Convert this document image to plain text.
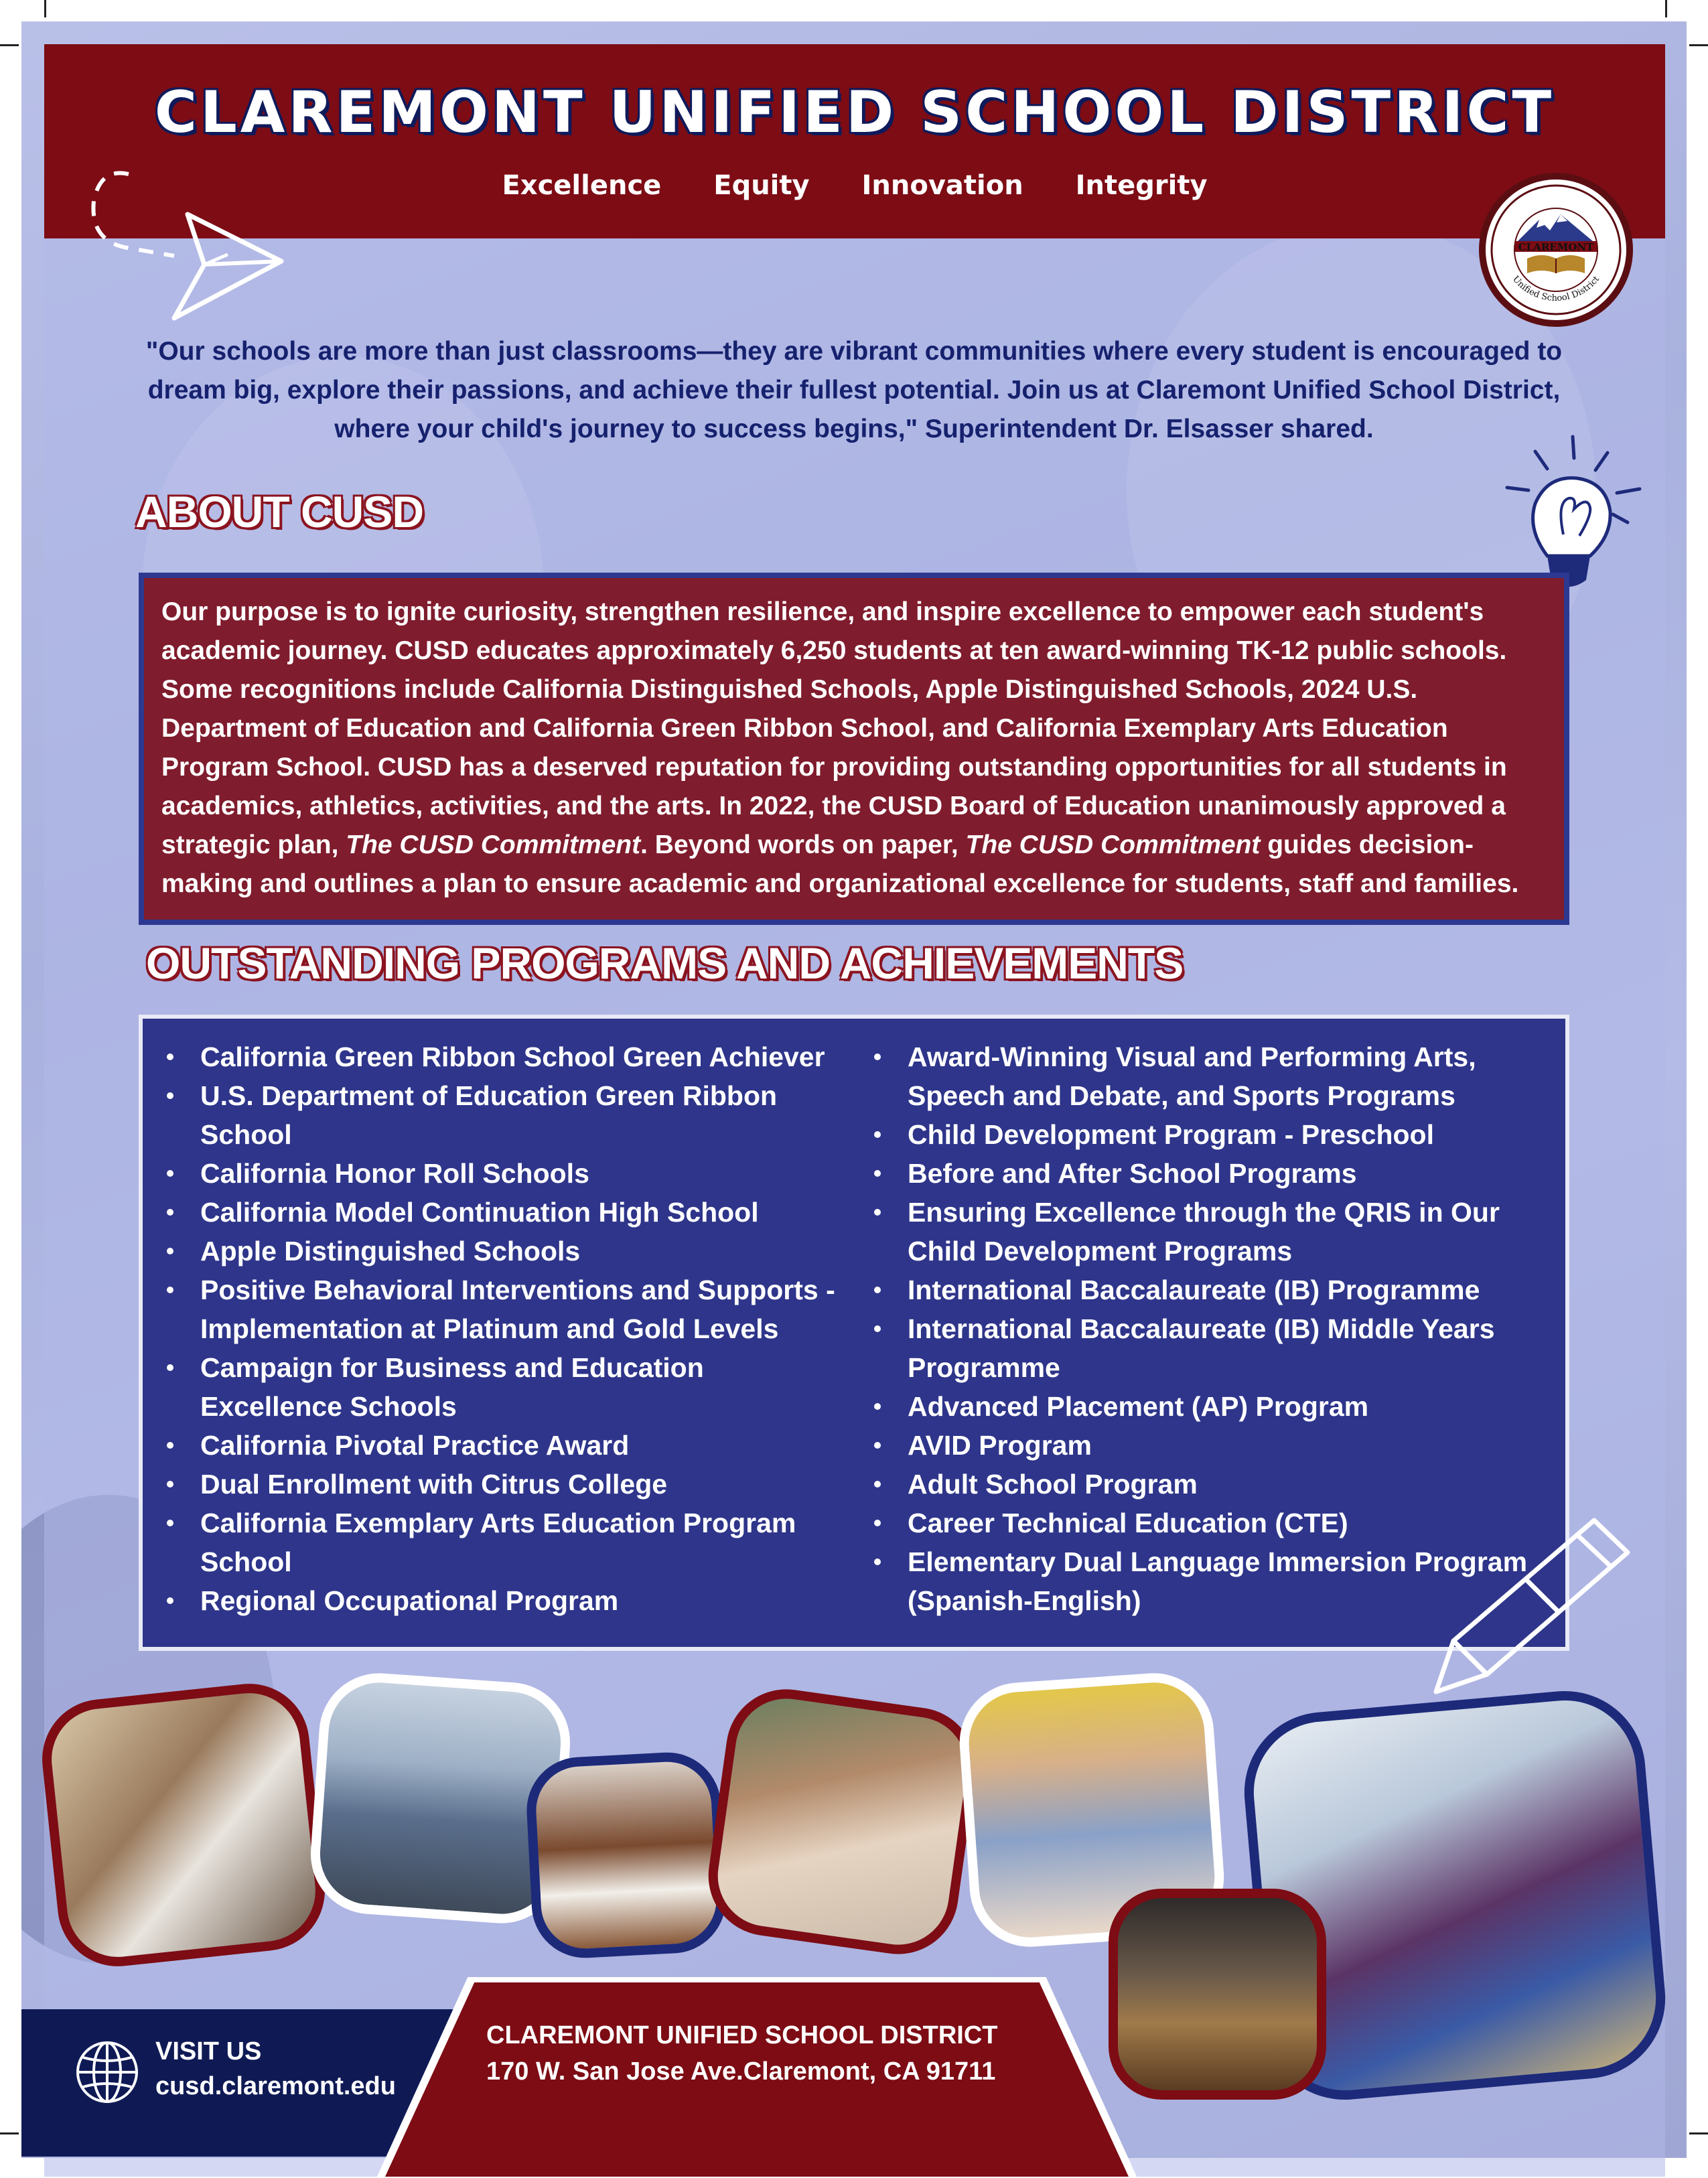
CLAREMONT UNIFIED SCHOOL DISTRICT
Excellence Equity Innovation Integrity
CLAREMONT
Unified School District
"Our schools are more than just classrooms—they are vibrant communities where every student is encouraged to dream big, explore their passions, and achieve their fullest potential. Join us at Claremont Unified School District, where your child's journey to success begins," Superintendent Dr. Elsasser shared.
ABOUT CUSD
Our purpose is to ignite curiosity, strengthen resilience, and inspire excellence to empower each student's academic journey. CUSD educates approximately 6,250 students at ten award-winning TK-12 public schools. Some recognitions include California Distinguished Schools, Apple Distinguished Schools, 2024 U.S. Department of Education and California Green Ribbon School, and California Exemplary Arts Education Program School. CUSD has a deserved reputation for providing outstanding opportunities for all students in academics, athletics, activities, and the arts. In 2022, the CUSD Board of Education unanimously approved a strategic plan, The CUSD Commitment. Beyond words on paper, The CUSD Commitment guides decision-making and outlines a plan to ensure academic and organizational excellence for students, staff and families.
OUTSTANDING PROGRAMS AND ACHIEVEMENTS
California Green Ribbon School Green Achiever
U.S. Department of Education Green Ribbon School
California Honor Roll Schools
California Model Continuation High School
Apple Distinguished Schools
Positive Behavioral Interventions and Supports - Implementation at Platinum and Gold Levels
Campaign for Business and Education Excellence Schools
California Pivotal Practice Award
Dual Enrollment with Citrus College
California Exemplary Arts Education Program School
Regional Occupational Program
Award-Winning Visual and Performing Arts, Speech and Debate, and Sports Programs
Child Development Program - Preschool
Before and After School Programs
Ensuring Excellence through the QRIS in Our Child Development Programs
International Baccalaureate (IB) Programme
International Baccalaureate (IB) Middle Years Programme
Advanced Placement (AP) Program
AVID Program
Adult School Program
Career Technical Education (CTE)
Elementary Dual Language Immersion Program (Spanish-English)
VISIT US
cusd.claremont.edu
CLAREMONT UNIFIED SCHOOL DISTRICT
170 W. San Jose Ave.Claremont, CA 91711
